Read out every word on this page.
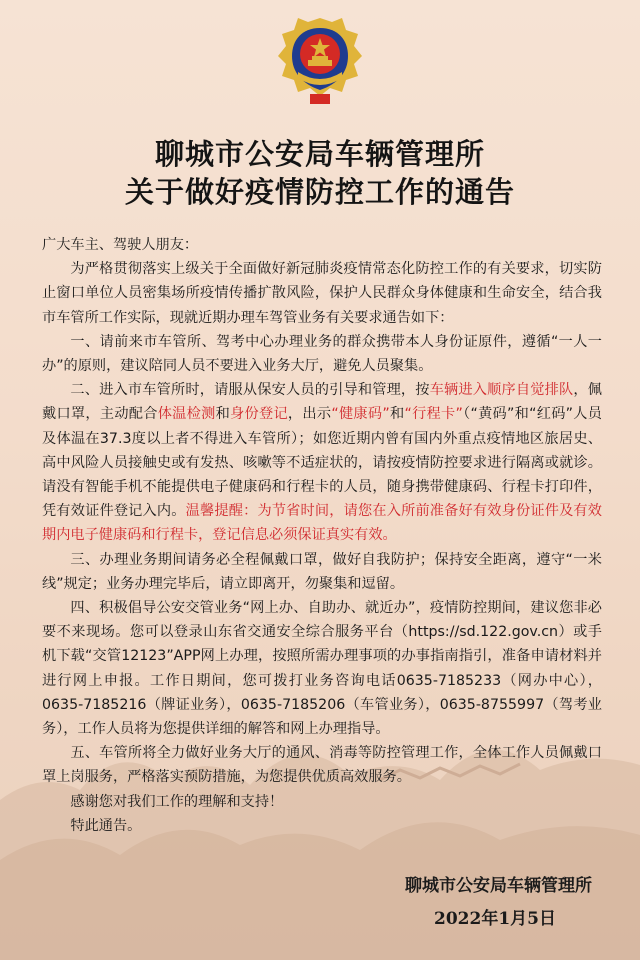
聊城市公安局车辆管理所
关于做好疫情防控工作的通告

广大车主、驾驶人朋友：

为严格贯彻落实上级关于全面做好新冠肺炎疫情常态化防控工作的有关要求，切实防止窗口单位人员密集场所疫情传播扩散风险，保护人民群众身体健康和生命安全，结合我市车管所工作实际，现就近期办理车驾管业务有关要求通告如下：

一、请前来市车管所、驾考中心办理业务的群众携带本人身份证原件，遵循“一人一办”的原则，建议陪同人员不要进入业务大厅，避免人员聚集。

二、进入市车管所时，请服从保安人员的引导和管理，按车辆进入顺序自觉排队，佩戴口罩，主动配合体温检测和身份登记，出示“健康码”和“行程卡”（“黄码”和“红码”人员及体温在37.3度以上者不得进入车管所）；如您近期内曾有国内外重点疫情地区旅居史、高中风险人员接触史或有发热、咳嗽等不适症状的，请按疫情防控要求进行隔离或就诊。请没有智能手机不能提供电子健康码和行程卡的人员，随身携带健康码、行程卡打印件，凭有效证件登记入内。温馨提醒：为节省时间，请您在入所前准备好有效身份证件及有效期内电子健康码和行程卡，登记信息必须保证真实有效。

三、办理业务期间请务必全程佩戴口罩，做好自我防护；保持安全距离，遵守“一米线”规定；业务办理完毕后，请立即离开，勿聚集和逗留。

四、积极倡导公安交管业务“网上办、自助办、就近办”，疫情防控期间，建议您非必要不来现场。您可以登录山东省交通安全综合服务平台（https://sd.122.gov.cn）或手机下载“交管12123”APP网上办理，按照所需办理事项的办事指南指引，准备申请材料并进行网上申报。工作日期间，您可拨打业务咨询电话0635-7185233（网办中心），0635-7185216（牌证业务），0635-7185206（车管业务），0635-8755997（驾考业务），工作人员将为您提供详细的解答和网上办理指导。

五、车管所将全力做好业务大厅的通风、消毒等防控管理工作，全体工作人员佩戴口罩上岗服务，严格落实预防措施，为您提供优质高效服务。

感谢您对我们工作的理解和支持！

特此通告。

聊城市公安局车辆管理所
2022年1月5日
